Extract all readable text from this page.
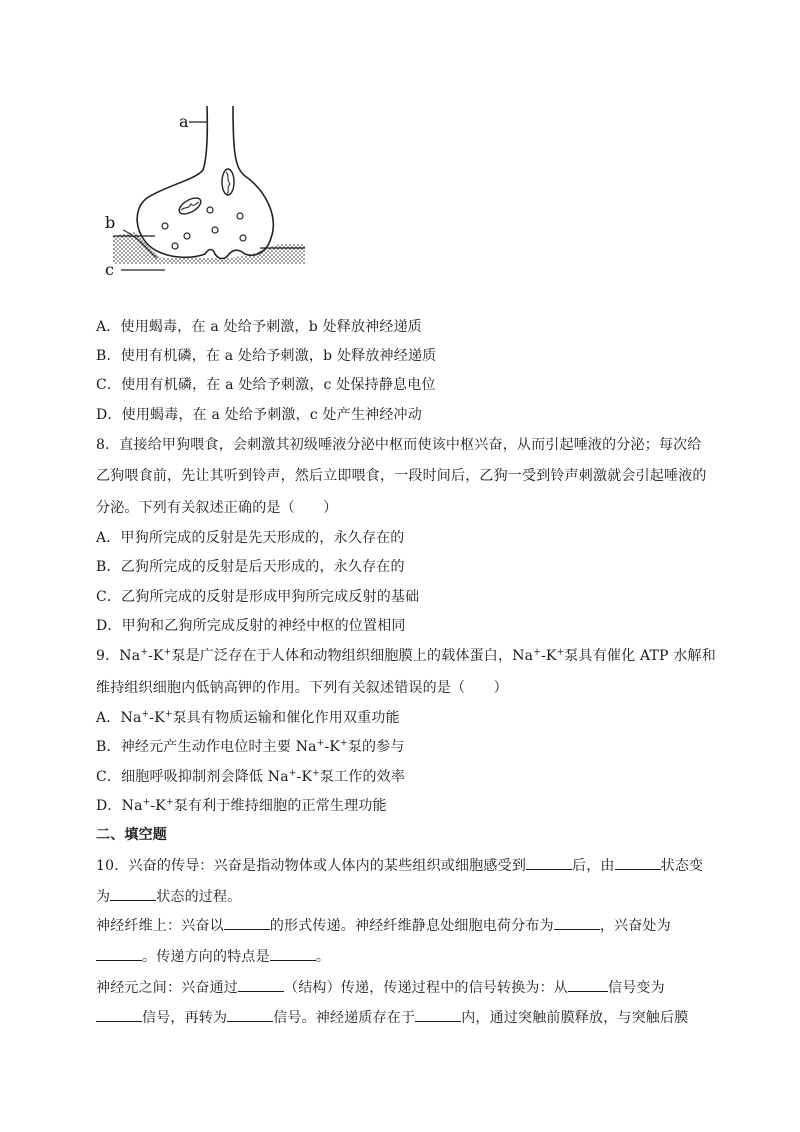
a
b
c
A．使用蝎毒，在 a 处给予刺激，b 处释放神经递质
B．使用有机磷，在 a 处给予刺激，b 处释放神经递质
C．使用有机磷，在 a 处给予刺激，c 处保持静息电位
D．使用蝎毒，在 a 处给予刺激，c 处产生神经冲动
8．直接给甲狗喂食，会刺激其初级唾液分泌中枢而使该中枢兴奋，从而引起唾液的分泌；每次给
乙狗喂食前，先让其听到铃声，然后立即喂食，一段时间后，乙狗一受到铃声刺激就会引起唾液的
分泌。下列有关叙述正确的是（　　）
A．甲狗所完成的反射是先天形成的，永久存在的
B．乙狗所完成的反射是后天形成的，永久存在的
C．乙狗所完成的反射是形成甲狗所完成反射的基础
D．甲狗和乙狗所完成反射的神经中枢的位置相同
9．Na+-K+泵是广泛存在于人体和动物组织细胞膜上的载体蛋白，Na+-K+泵具有催化 ATP 水解和
维持组织细胞内低钠高钾的作用。下列有关叙述错误的是（　　）
A．Na+-K+泵具有物质运输和催化作用双重功能
B．神经元产生动作电位时主要 Na+-K+泵的参与
C．细胞呼吸抑制剂会降低 Na+-K+泵工作的效率
D．Na+-K+泵有利于维持细胞的正常生理功能
二、填空题
10．兴奋的传导：兴奋是指动物体或人体内的某些组织或细胞感受到	后，由	状态变
为	状态的过程。
神经纤维上：兴奋以	的形式传递。神经纤维静息处细胞电荷分布为	，兴奋处为
。传递方向的特点是	。
神经元之间：兴奋通过	（结构）传递，传递过程中的信号转换为：从	信号变为
信号，再转为	信号。神经递质存在于	内，通过突触前膜释放，与突触后膜
